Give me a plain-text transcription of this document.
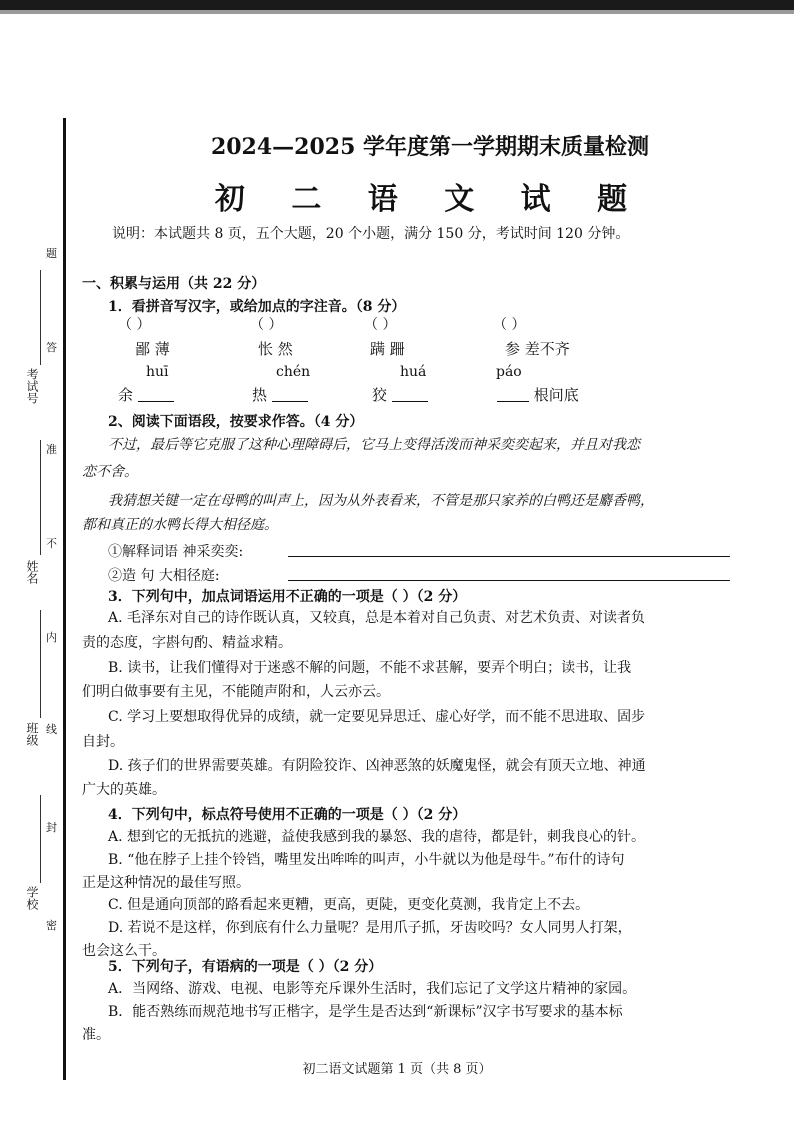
考试号
姓名
班级
学校
题
答
准
不
内
线
封
密
2024—2025 学年度第一学期期末质量检测
初 二 语 文 试 题
说明：本试题共 8 页，五个大题，20 个小题，满分 150 分，考试时间 120 分钟。
一、积累与运用（共 22 分）
1．看拼音写汉字，或给加点的字注音。（8 分）
（ ）	（ ）	（ ）	（ ）
鄙 薄	怅 然	蹒 跚	参 差不齐
huī	chén	huá	páo
余	热	狡	根问底
2、阅读下面语段，按要求作答。（4 分）
不过，最后等它克服了这种心理障碍后，它马上变得活泼而神采奕奕起来，并且对我恋
恋不舍。
我猜想关键一定在母鸭的叫声上，因为从外表看来，不管是那只家养的白鸭还是麝香鸭，
都和真正的水鸭长得大相径庭。
①解释词语 神采奕奕:
②造 句 大相径庭:
3．下列句中，加点词语运用不正确的一项是（ ）（2 分）
A. 毛泽东对自己的诗作既认真，又较真，总是本着对自己负责、对艺术负责、对读者负
责的态度，字斟句酌、精益求精。
B. 读书，让我们懂得对于迷惑不解的问题，不能不求甚解，要弄个明白；读书，让我
们明白做事要有主见，不能随声附和，人云亦云。
C. 学习上要想取得优异的成绩，就一定要见异思迁、虚心好学，而不能不思进取、固步
自封。
D. 孩子们的世界需要英雄。有阴险狡诈、凶神恶煞的妖魔鬼怪，就会有顶天立地、神通
广大的英雄。
4．下列句中，标点符号使用不正确的一项是（ ）（2 分）
A. 想到它的无抵抗的逃避，益使我感到我的暴怒、我的虐待，都是针，刺我良心的针。
B. “他在脖子上挂个铃铛，嘴里发出哞哞的叫声，小牛就以为他是母牛。”布什的诗句
正是这种情况的最佳写照。
C. 但是通向顶部的路看起来更糟，更高，更陡，更变化莫测，我肯定上不去。
D. 若说不是这样，你到底有什么力量呢？是用爪子抓，牙齿咬吗？女人同男人打架，
也会这么干。
5．下列句子，有语病的一项是（ ）（2 分）
A．当网络、游戏、电视、电影等充斥课外生活时，我们忘记了文学这片精神的家园。
B．能否熟练而规范地书写正楷字，是学生是否达到“新课标”汉字书写要求的基本标
准。
初二语文试题第 1 页（共 8 页）
